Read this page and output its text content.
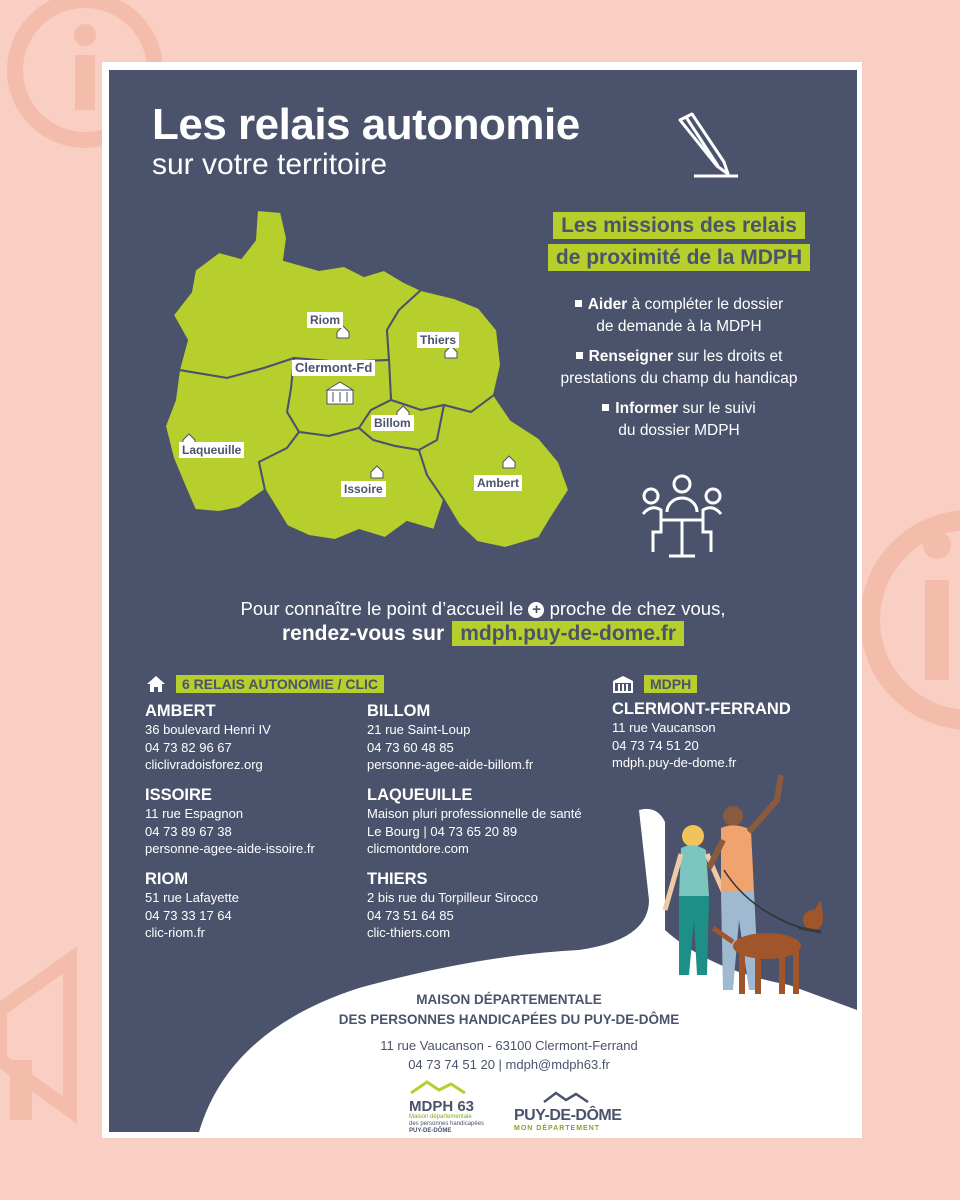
Les relais autonomie
sur votre territoire
Riom
Thiers
Clermont-Fd
Billom
Laqueuille
Issoire	Ambert
Les missions des relais
de proximité de la MDPH
Aider à compléter le dossier
de demande à la MDPH
Renseigner sur les droits et
prestations du champ du handicap
Informer sur le suivi
du dossier MDPH
Pour connaître le point d’accueil le + proche de chez vous,
rendez-vous sur mdph.puy-de-dome.fr
6 RELAIS AUTONOMIE / CLIC	MDPH
AMBERT
36 boulevard Henri IV
04 73 82 96 67
cliclivradoisforez.org
BILLOM
21 rue Saint-Loup
04 73 60 48 85
personne-agee-aide-billom.fr
ISSOIRE
11 rue Espagnon
04 73 89 67 38
personne-agee-aide-issoire.fr
LAQUEUILLE
Maison pluri professionnelle de santé
Le Bourg | 04 73 65 20 89
clicmontdore.com
RIOM
51 rue Lafayette
04 73 33 17 64
clic-riom.fr
THIERS
2 bis rue du Torpilleur Sirocco
04 73 51 64 85
clic-thiers.com
CLERMONT-FERRAND
11 rue Vaucanson
04 73 74 51 20
mdph.puy-de-dome.fr
MAISON DÉPARTEMENTALE
DES PERSONNES HANDICAPÉES DU PUY-DE-DÔME
11 rue Vaucanson - 63100 Clermont-Ferrand
04 73 74 51 20 | mdph@mdph63.fr
MDPH 63
Maison départementale
des personnes handicapées
PUY-DE-DÔME
PUY-DE-DÔME
MON DÉPARTEMENT
